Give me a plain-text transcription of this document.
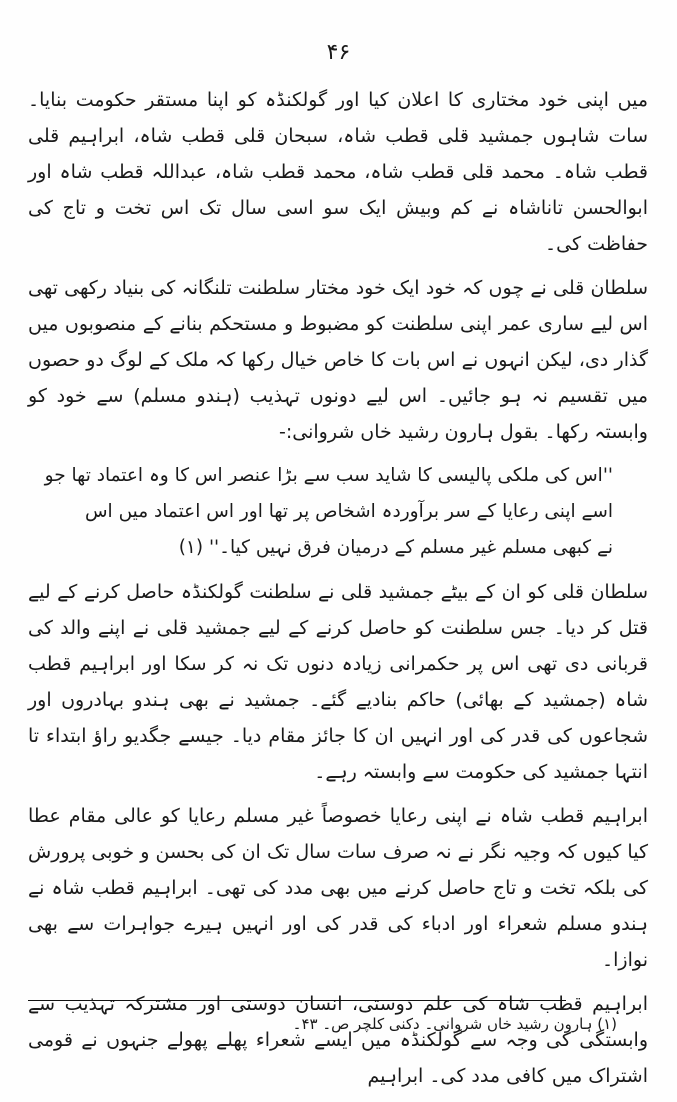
۴۶

میں اپنی خود مختاری کا اعلان کیا اور گولکنڈہ کو اپنا مستقر حکومت بنایا۔ سات شاہوں جمشید قلی قطب شاہ، سبحان قلی قطب شاہ، ابراہیم قلی قطب شاہ۔ محمد قلی قطب شاہ، محمد قطب شاہ، عبداللہ قطب شاہ اور ابوالحسن تاناشاہ نے کم وبیش ایک سو اسی سال تک اس تخت و تاج کی حفاظت کی۔

سلطان قلی نے چوں کہ خود ایک خود مختار سلطنت تلنگانہ کی بنیاد رکھی تھی اس لیے ساری عمر اپنی سلطنت کو مضبوط و مستحکم بنانے کے منصوبوں میں گذار دی، لیکن انہوں نے اس بات کا خاص خیال رکھا کہ ملک کے لوگ دو حصوں میں تقسیم نہ ہو جائیں۔ اس لیے دونوں تہذیب (ہندو مسلم) سے خود کو وابستہ رکھا۔ بقول ہارون رشید خاں شروانی:-

''اس کی ملکی پالیسی کا شاید سب سے بڑا عنصر اس کا وہ اعتماد تھا جو
اسے اپنی رعایا کے سر برآوردہ اشخاص پر تھا اور اس اعتماد میں اس
نے کبھی مسلم غیر مسلم کے درمیان فرق نہیں کیا۔'' (۱)

سلطان قلی کو ان کے بیٹے جمشید قلی نے سلطنت گولکنڈہ حاصل کرنے کے لیے قتل کر دیا۔ جس سلطنت کو حاصل کرنے کے لیے جمشید قلی نے اپنے والد کی قربانی دی تھی اس پر حکمرانی زیادہ دنوں تک نہ کر سکا اور ابراہیم قطب شاہ (جمشید کے بھائی) حاکم بنادیے گئے۔ جمشید نے بھی ہندو بہادروں اور شجاعوں کی قدر کی اور انہیں ان کا جائز مقام دیا۔ جیسے جگدیو راؤ ابتداء تا انتہا جمشید کی حکومت سے وابستہ رہے۔

ابراہیم قطب شاہ نے اپنی رعایا خصوصاً غیر مسلم رعایا کو عالی مقام عطا کیا کیوں کہ وجیہ نگر نے نہ صرف سات سال تک ان کی بحسن و خوبی پرورش کی بلکہ تخت و تاج حاصل کرنے میں بھی مدد کی تھی۔ ابراہیم قطب شاہ نے ہندو مسلم شعراء اور ادباء کی قدر کی اور انہیں ہیرے جواہرات سے بھی نوازا۔

ابراہیم قطب شاہ کی علم دوستی، انسان دوستی اور مشترکہ تہذیب سے وابستگی کی وجہ سے گولکنڈہ میں ایسے شعراء پھلے پھولے جنہوں نے قومی اشتراک میں کافی مدد کی۔ ابراہیم

(۱) ہارون رشید خاں شروانی۔ دکنی کلچر ص۔ ۴۳۔
